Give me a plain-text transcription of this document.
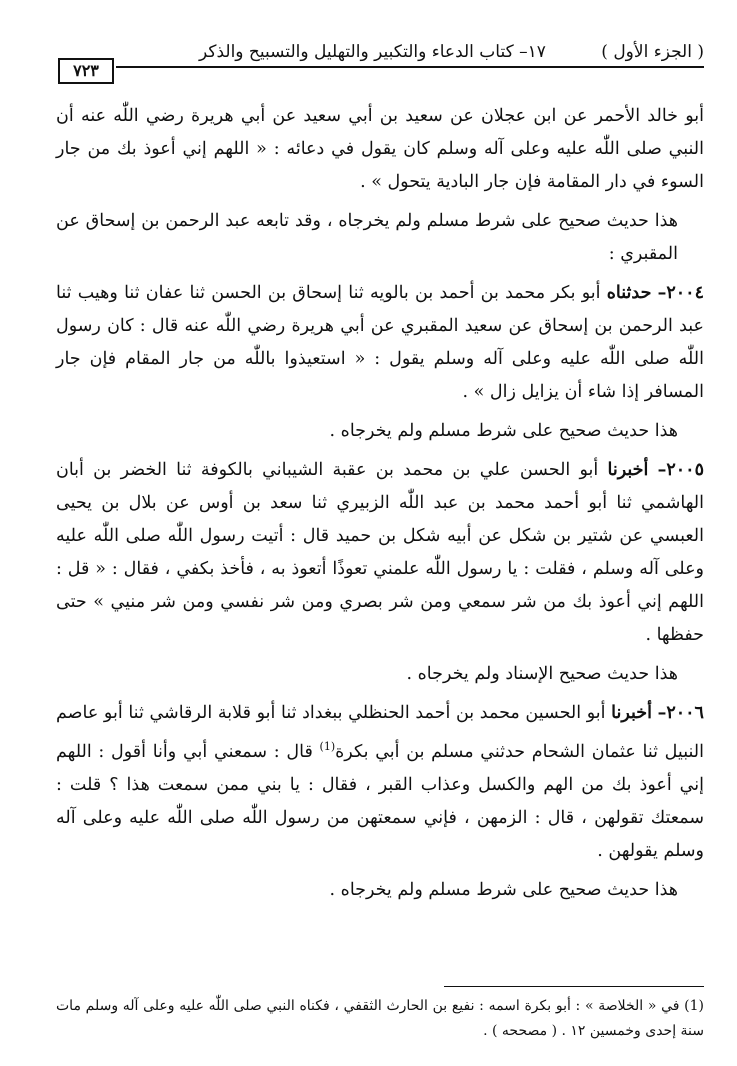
( الجزء الأول ) ١٧– كتاب الدعاء والتكبير والتهليل والتسبيح والذكر
٧٢٣

أبو خالد الأحمر عن ابن عجلان عن سعيد بن أبي سعيد عن أبي هريرة رضي اللّٰه عنه أن النبي صلى اللّٰه عليه وعلى آله وسلم كان يقول في دعائه : « اللهم إني أعوذ بك من جار السوء في دار المقامة فإن جار البادية يتحول » .

هذا حديث صحيح على شرط مسلم ولم يخرجاه ، وقد تابعه عبد الرحمن بن إسحاق عن المقبري :

٢٠٠٤– حدثناه أبو بكر محمد بن أحمد بن بالويه ثنا إسحاق بن الحسن ثنا عفان ثنا وهيب ثنا عبد الرحمن بن إسحاق عن سعيد المقبري عن أبي هريرة رضي اللّٰه عنه قال : كان رسول اللّٰه صلى اللّٰه عليه وعلى آله وسلم يقول : « استعيذوا باللّٰه من جار المقام فإن جار المسافر إذا شاء أن يزايل زال » .

هذا حديث صحيح على شرط مسلم ولم يخرجاه .

٢٠٠٥– أخبرنا أبو الحسن علي بن محمد بن عقبة الشيباني بالكوفة ثنا الخضر بن أبان الهاشمي ثنا أبو أحمد محمد بن عبد اللّٰه الزبيري ثنا سعد بن أوس عن بلال بن يحيى العبسي عن شتير بن شكل عن أبيه شكل بن حميد قال : أتيت رسول اللّٰه صلى اللّٰه عليه وعلى آله وسلم ، فقلت : يا رسول اللّٰه علمني تعوذًا أتعوذ به ، فأخذ بكفي ، فقال : « قل : اللهم إني أعوذ بك من شر سمعي ومن شر بصري ومن شر نفسي ومن شر منيي » حتى حفظها .

هذا حديث صحيح الإسناد ولم يخرجاه .

٢٠٠٦– أخبرنا أبو الحسين محمد بن أحمد الحنظلي ببغداد ثنا أبو قلابة الرقاشي ثنا أبو عاصم النبيل ثنا عثمان الشحام حدثني مسلم بن أبي بكرة$^{(1)}$ قال : سمعني أبي وأنا أقول : اللهم إني أعوذ بك من الهم والكسل وعذاب القبر ، فقال : يا بني ممن سمعت هذا ؟ قلت : سمعتك تقولهن ، قال : الزمهن ، فإني سمعتهن من رسول اللّٰه صلى اللّٰه عليه وعلى آله وسلم يقولهن .

هذا حديث صحيح على شرط مسلم ولم يخرجاه .

(1) في « الخلاصة » : أبو بكرة اسمه : نفيع بن الحارث الثقفي ، فكناه النبي صلى اللّٰه عليه وعلى آله وسلم مات سنة إحدى وخمسين ١٢ . ( مصححه ) .
